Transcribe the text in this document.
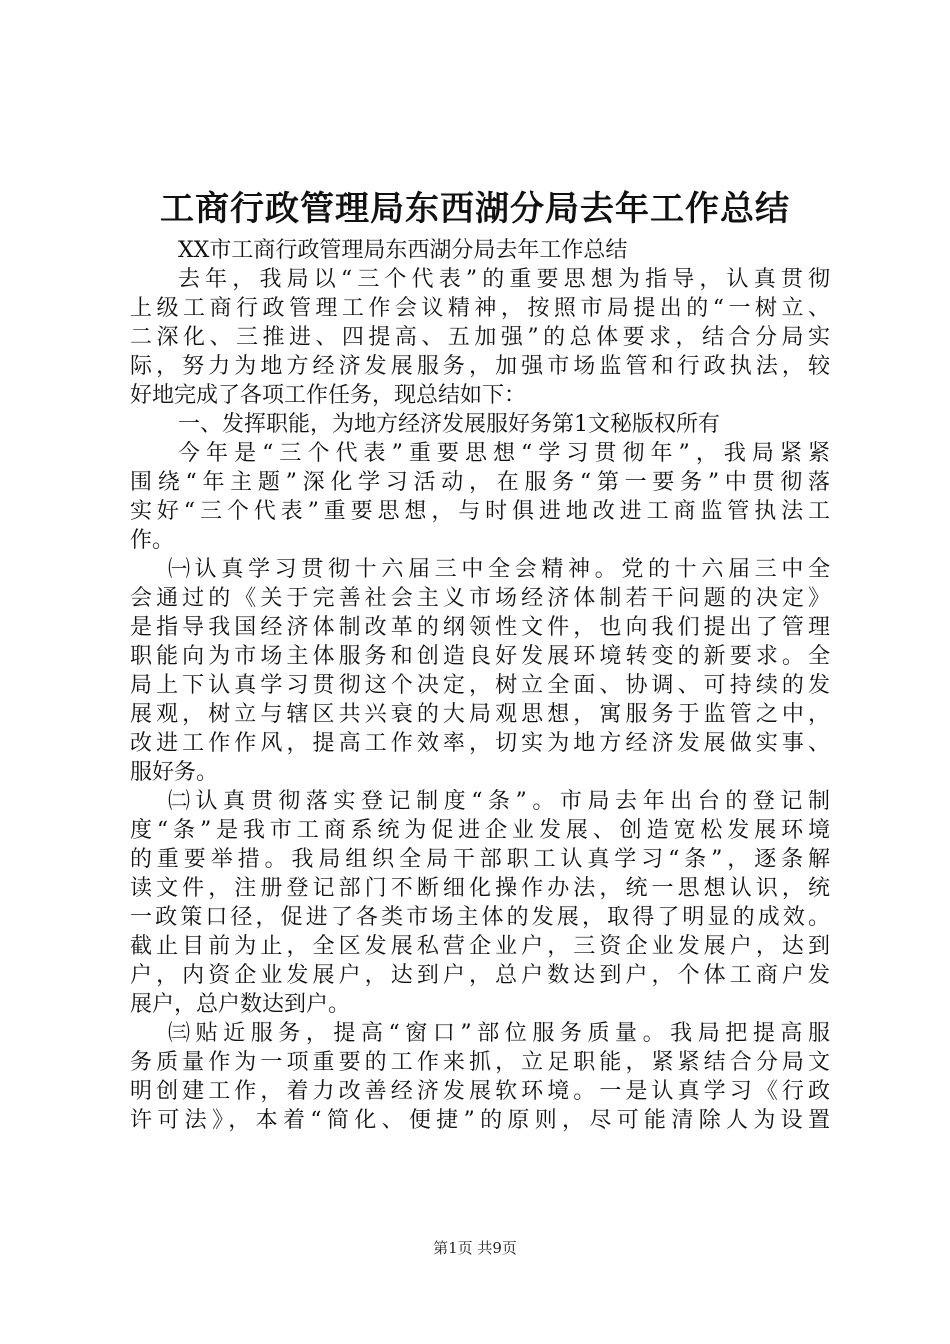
工商行政管理局东西湖分局去年工作总结
XX市工商行政管理局东西湖分局去年工作总结
去年，我局以“三个代表”的重要思想为指导，认真贯彻
上级工商行政管理工作会议精神，按照市局提出的“一树立、
二深化、三推进、四提高、五加强”的总体要求，结合分局实
际，努力为地方经济发展服务，加强市场监管和行政执法，较
好地完成了各项工作任务，现总结如下：
一、发挥职能，为地方经济发展服好务第1文秘版权所有
今年是“三个代表”重要思想“学习贯彻年”，我局紧紧
围绕“年主题”深化学习活动，在服务“第一要务”中贯彻落
实好“三个代表”重要思想，与时俱进地改进工商监管执法工
作。
㈠认真学习贯彻十六届三中全会精神。党的十六届三中全
会通过的《关于完善社会主义市场经济体制若干问题的决定》
是指导我国经济体制改革的纲领性文件，也向我们提出了管理
职能向为市场主体服务和创造良好发展环境转变的新要求。全
局上下认真学习贯彻这个决定，树立全面、协调、可持续的发
展观，树立与辖区共兴衰的大局观思想，寓服务于监管之中，
改进工作作风，提高工作效率，切实为地方经济发展做实事、
服好务。
㈡认真贯彻落实登记制度“条”。市局去年出台的登记制
度“条”是我市工商系统为促进企业发展、创造宽松发展环境
的重要举措。我局组织全局干部职工认真学习“条”，逐条解
读文件，注册登记部门不断细化操作办法，统一思想认识，统
一政策口径，促进了各类市场主体的发展，取得了明显的成效。
截止目前为止，全区发展私营企业户，三资企业发展户，达到
户，内资企业发展户，达到户，总户数达到户，个体工商户发
展户，总户数达到户。
㈢贴近服务，提高“窗口”部位服务质量。我局把提高服
务质量作为一项重要的工作来抓，立足职能，紧紧结合分局文
明创建工作，着力改善经济发展软环境。一是认真学习《行政
许可法》，本着“简化、便捷”的原则，尽可能清除人为设置
第1页 共9页
